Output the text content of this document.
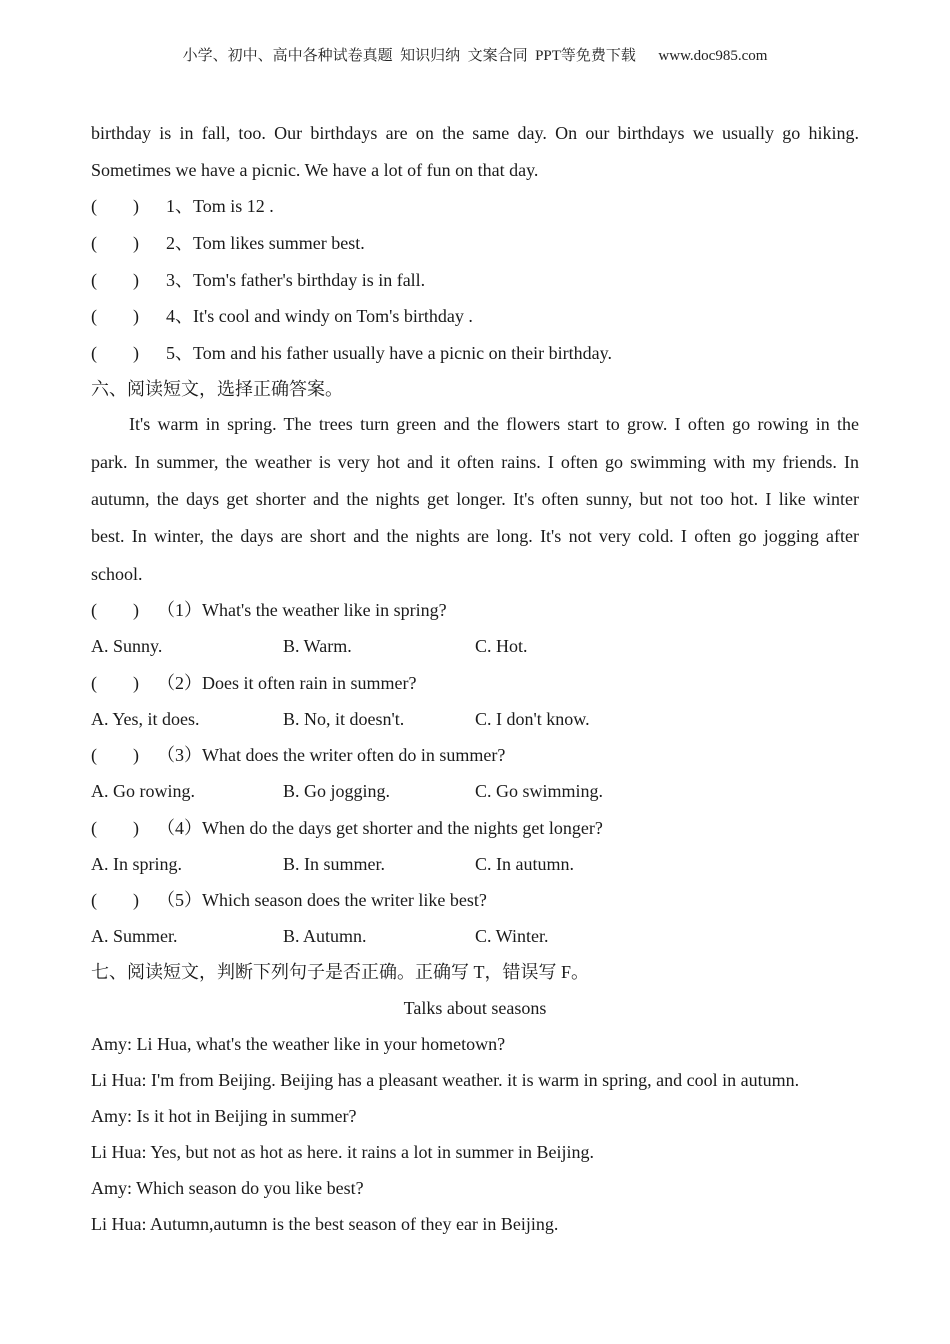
小学、初中、高中各种试卷真题  知识归纳  文案合同  PPT等免费下载      www.doc985.com
birthday is in fall, too. Our birthdays are on the same day. On our birthdays we usually go hiking.
Sometimes we have a picnic. We have a lot of fun on that day.
(　　) 1、Tom is 12 .
(　　) 2、Tom likes summer best.
(　　) 3、Tom's father's birthday is in fall.
(　　) 4、It's cool and windy on Tom's birthday .
(　　) 5、Tom and his father usually have a picnic on their birthday.
六、阅读短文，选择正确答案。
It's warm in spring. The trees turn green and the flowers start to grow. I often go rowing in the
park. In summer, the weather is very hot and it often rains. I often go swimming with my friends. In
autumn, the days get shorter and the nights get longer. It's often sunny, but not too hot. I like winter
best. In winter, the days are short and the nights are long. It's not very cold. I often go jogging after
school.
(　　) （1）What's the weather like in spring?
A. Sunny.	B. Warm.	C. Hot.
(　　) （2）Does it often rain in summer?
A. Yes, it does.	B. No, it doesn't.	C. I don't know.
(　　) （3）What does the writer often do in summer?
A. Go rowing.	B. Go jogging.	C. Go swimming.
(　　) （4）When do the days get shorter and the nights get longer?
A. In spring.	B. In summer.	C. In autumn.
(　　) （5）Which season does the writer like best?
A. Summer.	B. Autumn.	C. Winter.
七、阅读短文，判断下列句子是否正确。正确写 T，错误写 F。
Talks about seasons
Amy: Li Hua, what's the weather like in your hometown?
Li Hua: I'm from Beijing. Beijing has a pleasant weather. it is warm in spring, and cool in autumn.
Amy: Is it hot in Beijing in summer?
Li Hua: Yes, but not as hot as here. it rains a lot in summer in Beijing.
Amy: Which season do you like best?
Li Hua: Autumn,autumn is the best season of they ear in Beijing.
